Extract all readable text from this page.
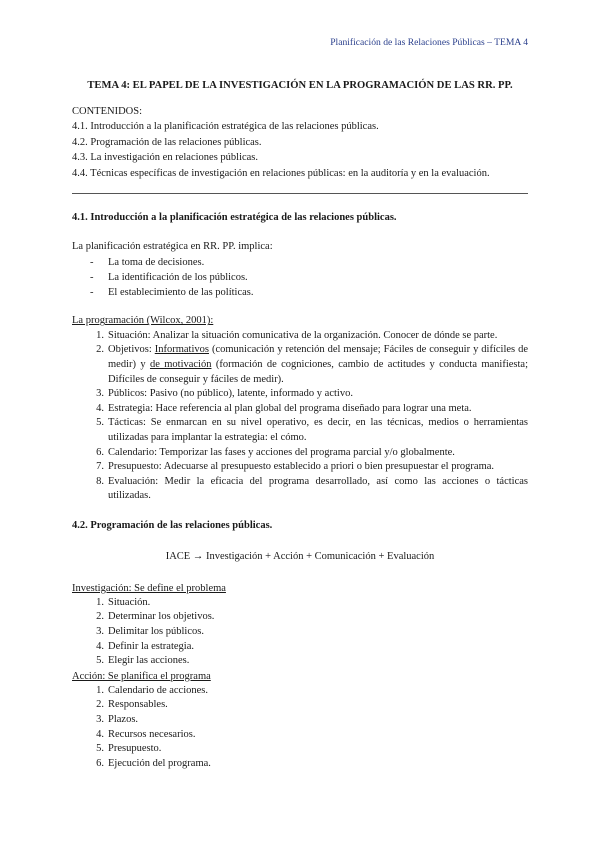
Planificación de las Relaciones Públicas – TEMA 4
TEMA 4: EL PAPEL DE LA INVESTIGACIÓN EN LA PROGRAMACIÓN DE LAS RR. PP.
CONTENIDOS:
4.1. Introducción a la planificación estratégica de las relaciones públicas.
4.2. Programación de las relaciones públicas.
4.3. La investigación en relaciones públicas.
4.4. Técnicas específicas de investigación en relaciones públicas: en la auditoría y en la evaluación.
4.1. Introducción a la planificación estratégica de las relaciones públicas.
La planificación estratégica en RR. PP. implica:
- La toma de decisiones.
- La identificación de los públicos.
- El establecimiento de las políticas.
La programación (Wilcox, 2001):
1 . Situación: Analizar la situación comunicativa de la organización. Conocer de dónde se parte.
2 . Objetivos: Informativos (comunicación y retención del mensaje; Fáciles de conseguir y difíciles de medir) y de motivación (formación de cogniciones, cambio de actitudes y conducta manifiesta; Difíciles de conseguir y fáciles de medir).
3 . Públicos: Pasivo (no público), latente, informado y activo.
4 . Estrategia: Hace referencia al plan global del programa diseñado para lograr una meta.
5 . Tácticas: Se enmarcan en su nivel operativo, es decir, en las técnicas, medios o herramientas utilizadas para implantar la estrategia: el cómo.
6 . Calendario: Temporizar las fases y acciones del programa parcial y/o globalmente.
7 . Presupuesto: Adecuarse al presupuesto establecido a priori o bien presupuestar el programa.
8 . Evaluación: Medir la eficacia del programa desarrollado, así como las acciones o tácticas utilizadas.
4.2. Programación de las relaciones públicas.
IACE → Investigación + Acción + Comunicación + Evaluación
Investigación: Se define el problema
1 . Situación.
2 . Determinar los objetivos.
3 . Delimitar los públicos.
4 . Definir la estrategia.
5 . Elegir las acciones.
Acción: Se planifica el programa
1 . Calendario de acciones.
2 . Responsables.
3 . Plazos.
4 . Recursos necesarios.
5 . Presupuesto.
6 . Ejecución del programa.
